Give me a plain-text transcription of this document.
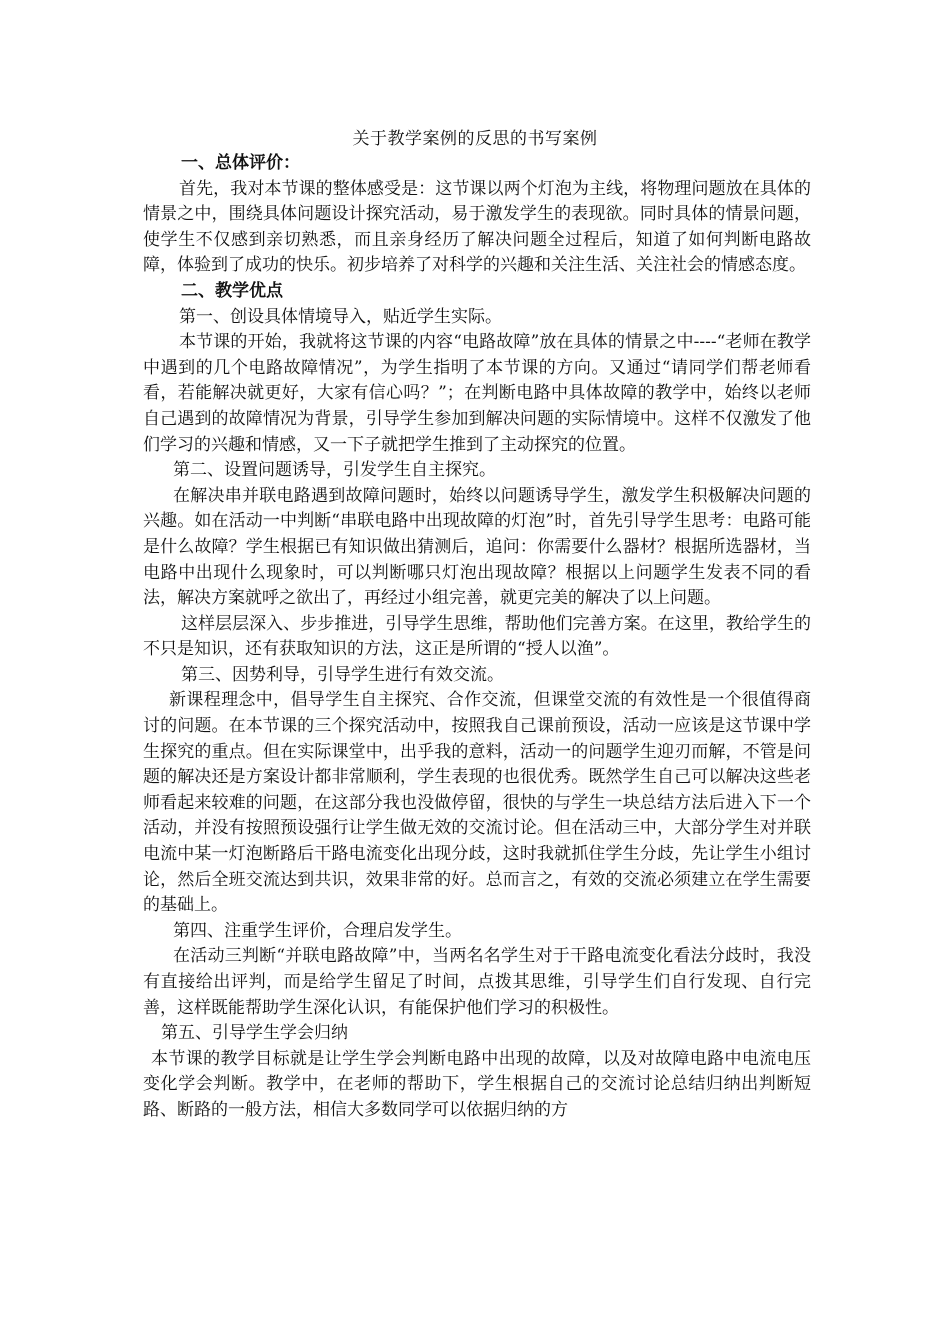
关于教学案例的反思的书写案例

一、总体评价：

首先，我对本节课的整体感受是：这节课以两个灯泡为主线，将物理问题放在具体的情景之中，围绕具体问题设计探究活动，易于激发学生的表现欲。同时具体的情景问题，使学生不仅感到亲切熟悉，而且亲身经历了解决问题全过程后，知道了如何判断电路故障，体验到了成功的快乐。初步培养了对科学的兴趣和关注生活、关注社会的情感态度。

二、教学优点

第一、创设具体情境导入，贴近学生实际。

本节课的开始，我就将这节课的内容“电路故障”放在具体的情景之中----“老师在教学中遇到的几个电路故障情况”，为学生指明了本节课的方向。又通过“请同学们帮老师看看，若能解决就更好，大家有信心吗？”；在判断电路中具体故障的教学中，始终以老师自己遇到的故障情况为背景，引导学生参加到解决问题的实际情境中。这样不仅激发了他们学习的兴趣和情感，又一下子就把学生推到了主动探究的位置。

第二、设置问题诱导，引发学生自主探究。

在解决串并联电路遇到故障问题时，始终以问题诱导学生，激发学生积极解决问题的兴趣。如在活动一中判断“串联电路中出现故障的灯泡”时，首先引导学生思考：电路可能是什么故障？学生根据已有知识做出猜测后，追问：你需要什么器材？根据所选器材，当电路中出现什么现象时，可以判断哪只灯泡出现故障？根据以上问题学生发表不同的看法，解决方案就呼之欲出了，再经过小组完善，就更完美的解决了以上问题。

这样层层深入、步步推进，引导学生思维，帮助他们完善方案。在这里，教给学生的不只是知识，还有获取知识的方法，这正是所谓的“授人以渔”。

第三、因势利导，引导学生进行有效交流。

新课程理念中，倡导学生自主探究、合作交流，但课堂交流的有效性是一个很值得商讨的问题。在本节课的三个探究活动中，按照我自己课前预设，活动一应该是这节课中学生探究的重点。但在实际课堂中，出乎我的意料，活动一的问题学生迎刃而解，不管是问题的解决还是方案设计都非常顺利，学生表现的也很优秀。既然学生自己可以解决这些老师看起来较难的问题，在这部分我也没做停留，很快的与学生一块总结方法后进入下一个活动，并没有按照预设强行让学生做无效的交流讨论。但在活动三中，大部分学生对并联电流中某一灯泡断路后干路电流变化出现分歧，这时我就抓住学生分歧，先让学生小组讨论，然后全班交流达到共识，效果非常的好。总而言之，有效的交流必须建立在学生需要的基础上。

第四、注重学生评价，合理启发学生。

在活动三判断“并联电路故障”中，当两名名学生对于干路电流变化看法分歧时，我没有直接给出评判，而是给学生留足了时间，点拨其思维，引导学生们自行发现、自行完善，这样既能帮助学生深化认识，有能保护他们学习的积极性。

第五、引导学生学会归纳

本节课的教学目标就是让学生学会判断电路中出现的故障，以及对故障电路中电流电压变化学会判断。教学中，在老师的帮助下，学生根据自己的交流讨论总结归纳出判断短路、断路的一般方法，相信大多数同学可以依据归纳的方
